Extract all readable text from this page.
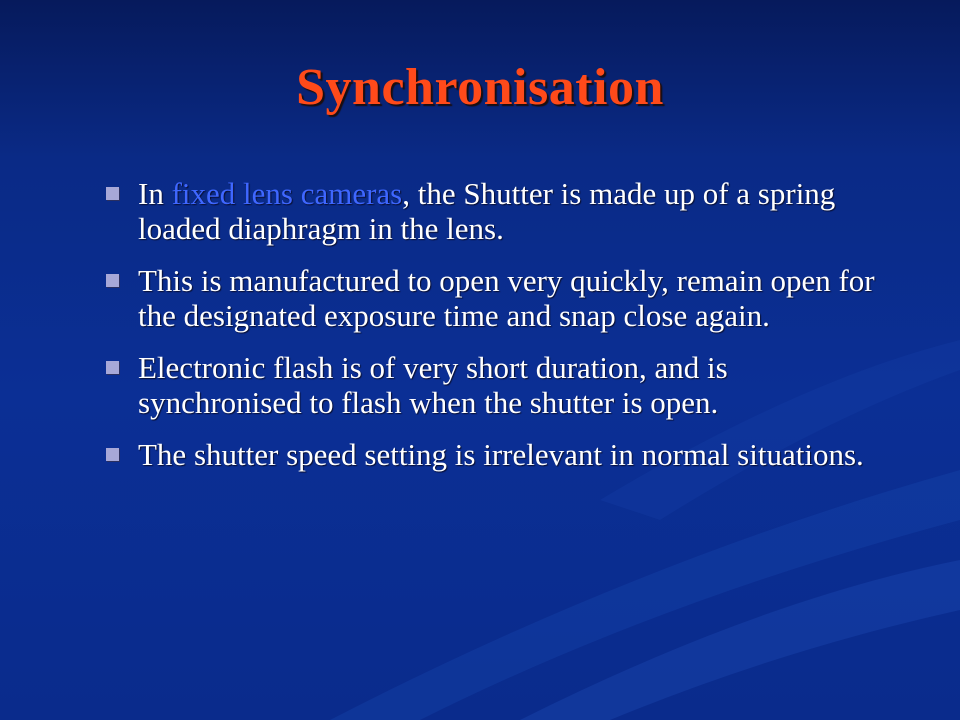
Synchronisation
In fixed lens cameras, the Shutter is made up of a spring loaded diaphragm in the lens.
This is manufactured to open very quickly, remain open for the designated exposure time and snap close again.
Electronic flash is of very short duration, and is synchronised to flash when the shutter is open.
The shutter speed setting is irrelevant in normal situations.
